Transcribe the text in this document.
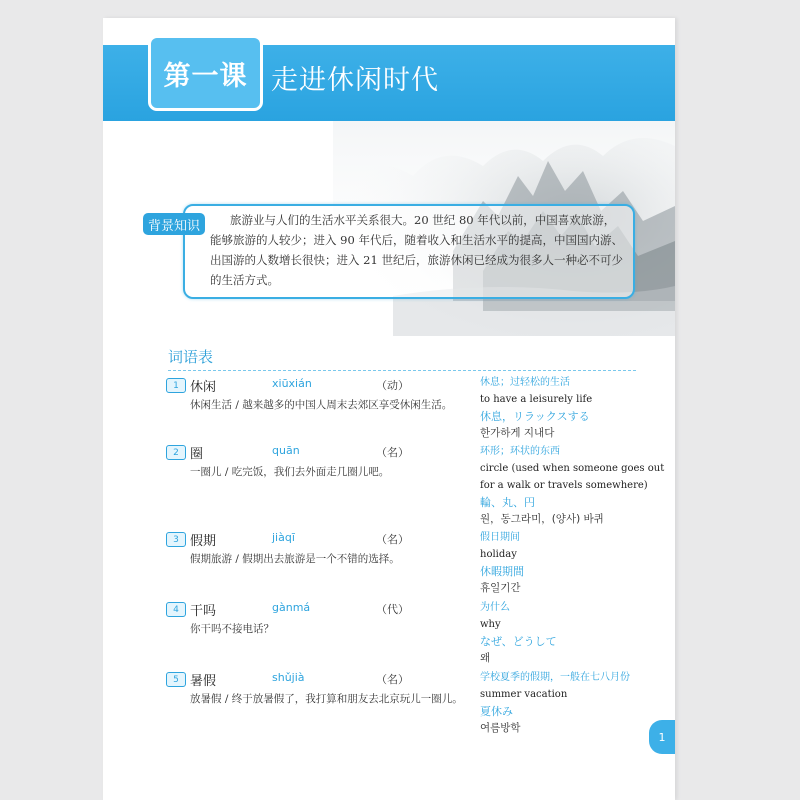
第一课 走进休闲时代
背景知识	旅游业与人们的生活水平关系很大。20 世纪 80 年代以前，中国喜欢旅游，
能够旅游的人较少；进入 90 年代后，随着收入和生活水平的提高，中国国内游、
出国游的人数增长很快；进入 21 世纪后，旅游休闲已经成为很多人一种必不可少
的生活方式。
词语表
1 休闲	xiūxián	（动）
休闲生活 / 越来越多的中国人周末去郊区享受休闲生活。
休息；过轻松的生活
to have a leisurely life
休息，リラックスする
한가하게 지내다
2 圈	quān	（名）
一圈儿 / 吃完饭，我们去外面走几圈儿吧。
环形；环状的东西
circle (used when someone goes out
for a walk or travels somewhere)
輪、丸、円
원，동그라미，(양사) 바퀴
3 假期	jiàqī	（名）
假期旅游 / 假期出去旅游是一个不错的选择。
假日期间
holiday
休暇期間
휴일기간
4 干吗	gànmá	（代）
你干吗不接电话？
为什么
why
なぜ、どうして
왜
5 暑假	shǔjià	（名）
放暑假 / 终于放暑假了，我打算和朋友去北京玩儿一圈儿。
学校夏季的假期，一般在七八月份
summer vacation
夏休み
여름방학
1
